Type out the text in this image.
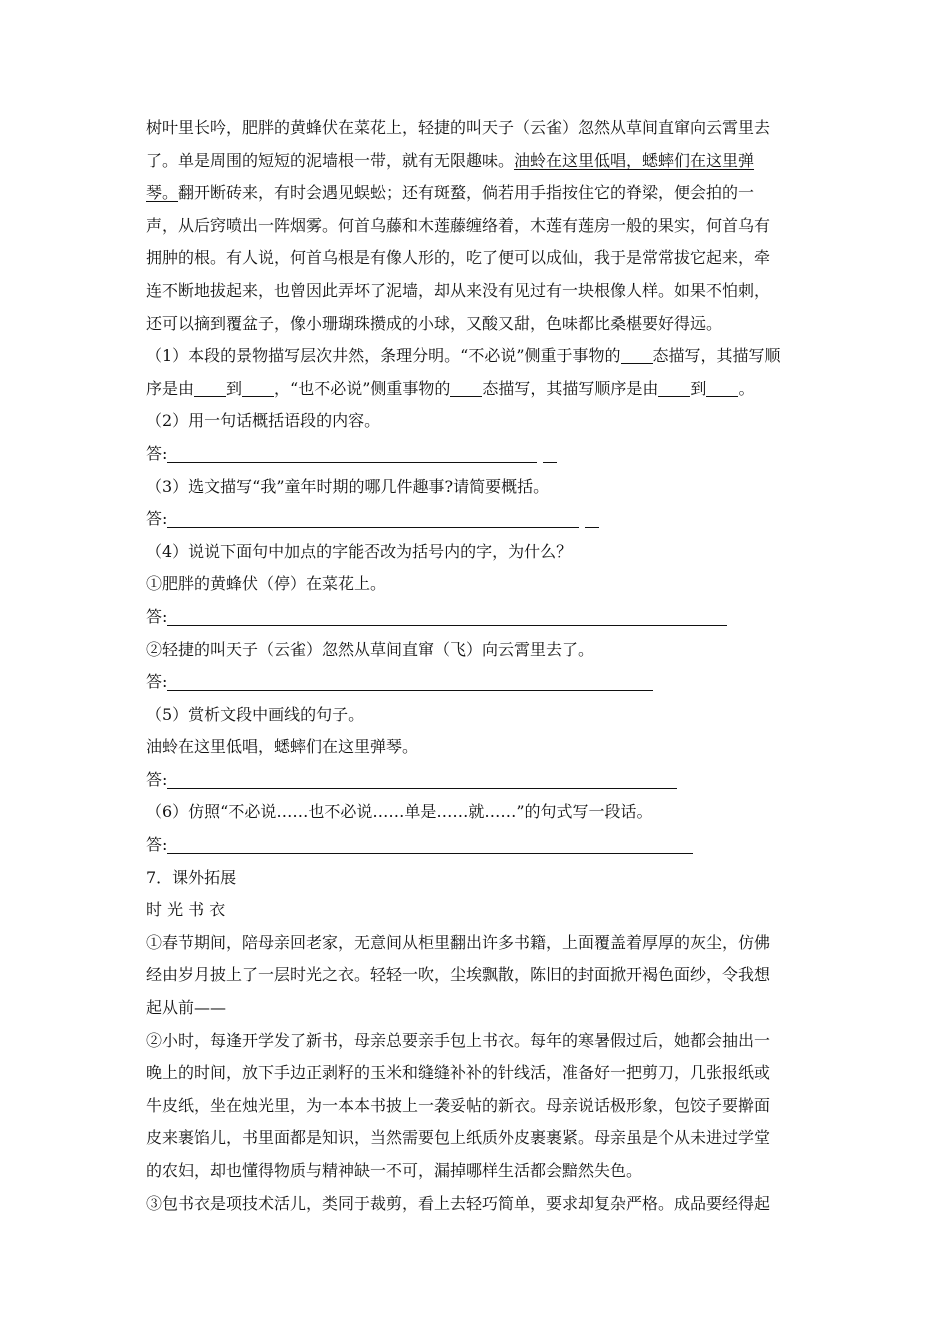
树叶里长吟，肥胖的黄蜂伏在菜花上，轻捷的叫天子（云雀）忽然从草间直窜向云霄里去
了。单是周围的短短的泥墙根一带，就有无限趣味。油蛉在这里低唱，蟋蟀们在这里弹
琴。翻开断砖来，有时会遇见蜈蚣；还有斑蝥，倘若用手指按住它的脊梁，便会拍的一
声，从后窍喷出一阵烟雾。何首乌藤和木莲藤缠络着，木莲有莲房一般的果实，何首乌有
拥肿的根。有人说，何首乌根是有像人形的，吃了便可以成仙，我于是常常拔它起来，牵
连不断地拔起来，也曾因此弄坏了泥墙，却从来没有见过有一块根像人样。如果不怕刺，
还可以摘到覆盆子，像小珊瑚珠攒成的小球，又酸又甜，色味都比桑椹要好得远。
（1）本段的景物描写层次井然，条理分明。“不必说”侧重于事物的 态描写，其描写顺
序是由 到 ，“也不必说”侧重事物的 态描写，其描写顺序是由 到 。
（2）用一句话概括语段的内容。
答:
（3）选文描写“我”童年时期的哪几件趣事?请简要概括。
答:
（4）说说下面句中加点的字能否改为括号内的字，为什么？
①肥胖的黄蜂伏（停）在菜花上。
答:
②轻捷的叫天子（云雀）忽然从草间直窜（飞）向云霄里去了。
答:
（5）赏析文段中画线的句子。
油蛉在这里低唱，蟋蟀们在这里弹琴。
答:
（6）仿照“不必说……也不必说……单是……就……”的句式写一段话。
答:
7．课外拓展
时 光 书 衣
①春节期间，陪母亲回老家，无意间从柜里翻出许多书籍，上面覆盖着厚厚的灰尘，仿佛
经由岁月披上了一层时光之衣。轻轻一吹，尘埃飘散，陈旧的封面掀开褐色面纱，令我想
起从前——
②小时，每逢开学发了新书，母亲总要亲手包上书衣。每年的寒暑假过后，她都会抽出一
晚上的时间，放下手边正剥籽的玉米和缝缝补补的针线活，准备好一把剪刀，几张报纸或
牛皮纸，坐在烛光里，为一本本书披上一袭妥帖的新衣。母亲说话极形象，包饺子要擀面
皮来裹馅儿，书里面都是知识，当然需要包上纸质外皮裹裹紧。母亲虽是个从未进过学堂
的农妇，却也懂得物质与精神缺一不可，漏掉哪样生活都会黯然失色。
③包书衣是项技术活儿，类同于裁剪，看上去轻巧简单，要求却复杂严格。成品要经得起
